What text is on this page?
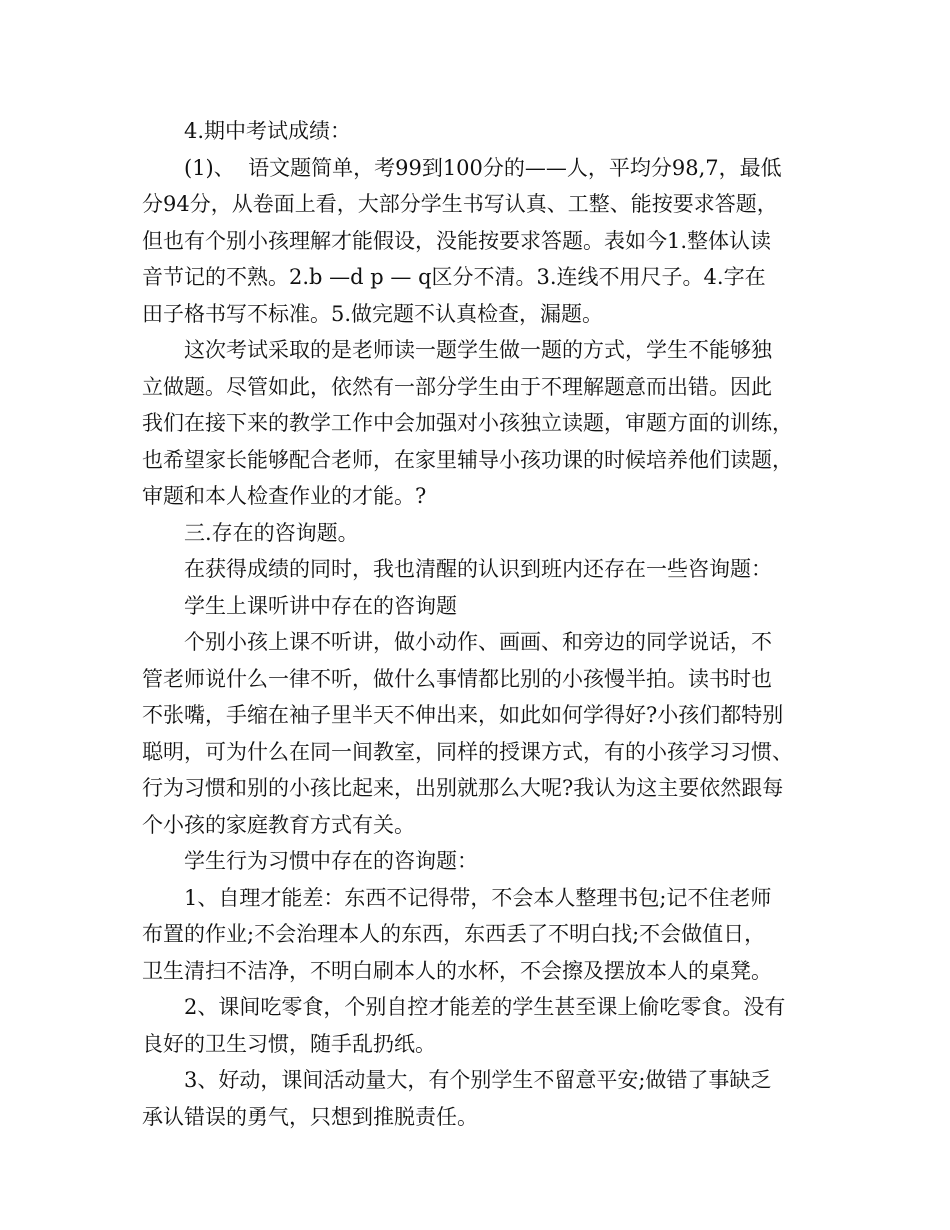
4.期中考试成绩：
(1)、  语文题简单，考99到100分的——人，平均分98,7，最低
分94分，从卷面上看，大部分学生书写认真、工整、能按要求答题，
但也有个别小孩理解才能假设，没能按要求答题。表如今1.整体认读
音节记的不熟。2.b —d p — q区分不清。3.连线不用尺子。4.字在
田子格书写不标准。5.做完题不认真检查，漏题。
这次考试采取的是老师读一题学生做一题的方式，学生不能够独
立做题。尽管如此，依然有一部分学生由于不理解题意而出错。因此
我们在接下来的教学工作中会加强对小孩独立读题，审题方面的训练，
也希望家长能够配合老师，在家里辅导小孩功课的时候培养他们读题，
审题和本人检查作业的才能。?
三.存在的咨询题。
在获得成绩的同时，我也清醒的认识到班内还存在一些咨询题：
学生上课听讲中存在的咨询题
个别小孩上课不听讲，做小动作、画画、和旁边的同学说话，不
管老师说什么一律不听，做什么事情都比别的小孩慢半拍。读书时也
不张嘴，手缩在袖子里半天不伸出来，如此如何学得好?小孩们都特别
聪明，可为什么在同一间教室，同样的授课方式，有的小孩学习习惯、
行为习惯和别的小孩比起来，出别就那么大呢?我认为这主要依然跟每
个小孩的家庭教育方式有关。
学生行为习惯中存在的咨询题：
1、自理才能差：东西不记得带，不会本人整理书包;记不住老师
布置的作业;不会治理本人的东西，东西丢了不明白找;不会做值日，
卫生清扫不洁净，不明白刷本人的水杯，不会擦及摆放本人的桌凳。
2、课间吃零食，个别自控才能差的学生甚至课上偷吃零食。没有
良好的卫生习惯，随手乱扔纸。
3、好动，课间活动量大，有个别学生不留意平安;做错了事缺乏
承认错误的勇气，只想到推脱责任。
